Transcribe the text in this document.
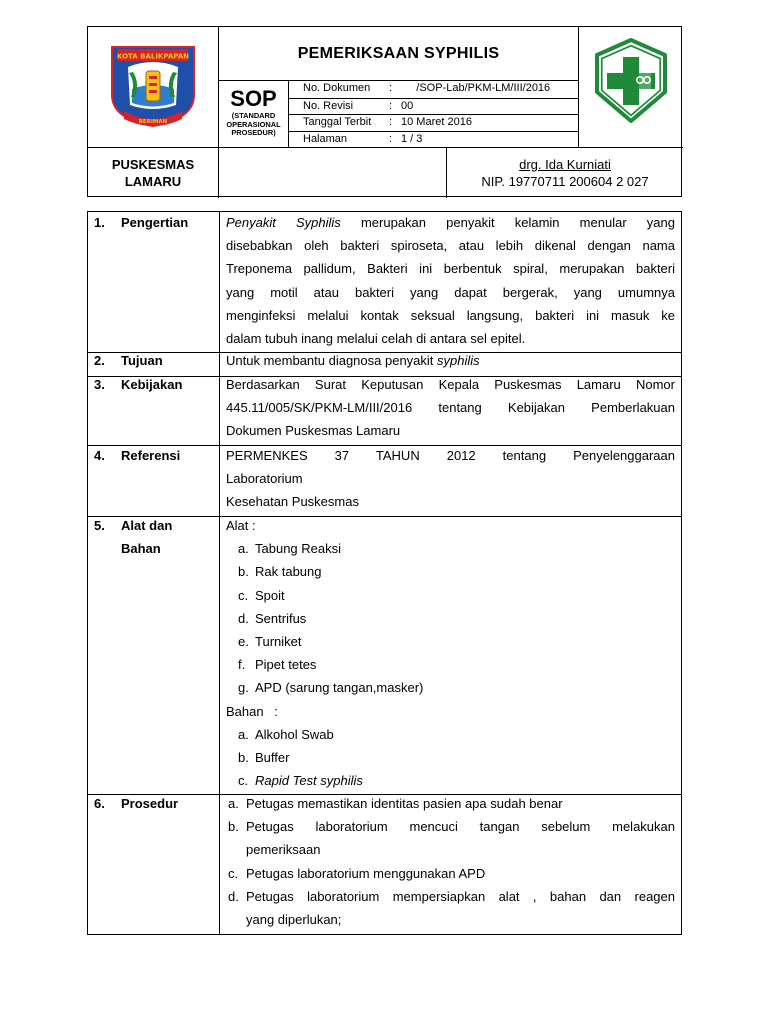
KOTA BALIKPAPAN
BERIMAN
PEMERIKSAAN SYPHILIS
SOP
(STANDARD
OPERASIONAL
PROSEDUR)
No. Dokumen	: /SOP-Lab/PKM-LM/III/2016
No. Revisi	: 00
Tanggal Terbit	: 10 Maret 2016
Halaman	: 1 / 3
PUSKESMAS
LAMARU
drg. Ida Kurniati
NIP. 19770711 200604 2 027
1.	Pengertian	Penyakit Syphilis merupakan penyakit kelamin menular yang

disebabkan oleh bakteri spiroseta, atau lebih dikenal dengan nama

Treponema pallidum, Bakteri ini berbentuk spiral, merupakan bakteri

yang motil atau bakteri yang dapat bergerak, yang umumnya

menginfeksi melalui kontak seksual langsung, bakteri ini masuk ke

dalam tubuh inang melalui celah di antara sel epitel.

2.	Tujuan	Untuk membantu diagnosa penyakit syphilis

3.	Kebijakan	Berdasarkan Surat Keputusan Kepala Puskesmas Lamaru Nomor

445.11/005/SK/PKM-LM/III/2016 tentang Kebijakan Pemberlakuan

Dokumen Puskesmas Lamaru

4.	Referensi	PERMENKES 37 TAHUN 2012 tentang Penyelenggaraan

Laboratorium

Kesehatan Puskesmas

5.	Alat dan
Bahan

Alat :

a. Tabung Reaksi
b. Rak tabung
c. Spoit
d. Sentrifus
e. Turniket
f. Pipet tetes
g. APD (sarung tangan,masker)

Bahan   :

a. Alkohol Swab
b. Buffer
c. Rapid Test syphilis
6.	Prosedur	a. Petugas memastikan identitas pasien apa sudah benar

b. Petugas laboratorium mencuci tangan sebelum melakukan

pemeriksaan

c. Petugas laboratorium menggunakan APD

d. Petugas laboratorium mempersiapkan alat , bahan dan reagen

yang diperlukan;
